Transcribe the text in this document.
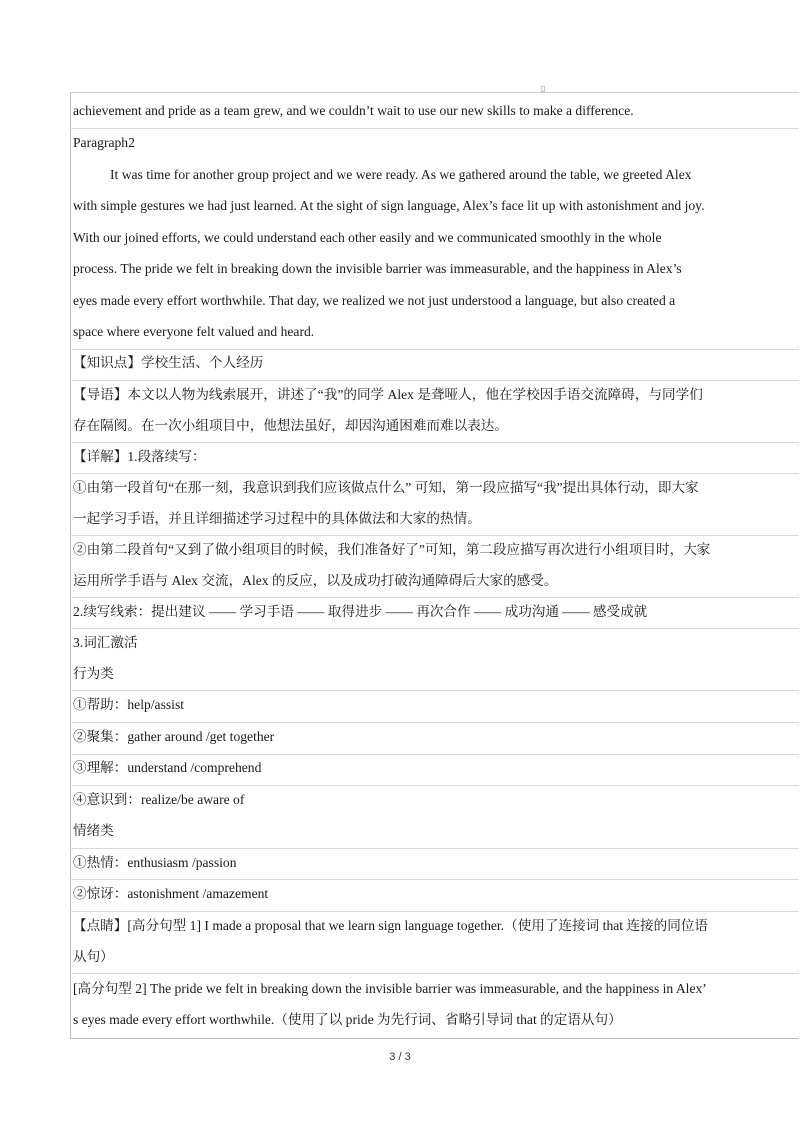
▯
achievement and pride as a team grew, and we couldn’t wait to use our new skills to make a difference.
Paragraph2
It was time for another group project and we were ready. As we gathered around the table, we greeted Alex
with simple gestures we had just learned. At the sight of sign language, Alex’s face lit up with astonishment and joy.
With our joined efforts, we could understand each other easily and we communicated smoothly in the whole
process. The pride we felt in breaking down the invisible barrier was immeasurable, and the happiness in Alex’s
eyes made every effort worthwhile. That day, we realized we not just understood a language, but also created a
space where everyone felt valued and heard.
【知识点】学校生活、个人经历
【导语】本文以人物为线索展开，讲述了“我”的同学 Alex 是聋哑人，他在学校因手语交流障碍，与同学们
存在隔阂。在一次小组项目中，他想法虽好，却因沟通困难而难以表达。
【详解】1.段落续写：
①由第一段首句“在那一刻，我意识到我们应该做点什么” 可知，第一段应描写“我”提出具体行动，即大家
一起学习手语，并且详细描述学习过程中的具体做法和大家的热情。
②由第二段首句“又到了做小组项目的时候，我们准备好了”可知，第二段应描写再次进行小组项目时，大家
运用所学手语与 Alex 交流，Alex 的反应，以及成功打破沟通障碍后大家的感受。
2.续写线索：提出建议 —— 学习手语 —— 取得进步 —— 再次合作 —— 成功沟通 —— 感受成就
3.词汇激活
行为类
①帮助：help/assist
②聚集：gather around /get together
③理解：understand /comprehend
④意识到：realize/be aware of
情绪类
①热情：enthusiasm /passion
②惊讶：astonishment /amazement
【点睛】[高分句型 1] I made a proposal that we learn sign language together.（使用了连接词 that 连接的同位语
从句）
[高分句型 2] The pride we felt in breaking down the invisible barrier was immeasurable, and the happiness in Alex’
s eyes made every effort worthwhile.（使用了以 pride 为先行词、省略引导词 that 的定语从句）
3 / 3
